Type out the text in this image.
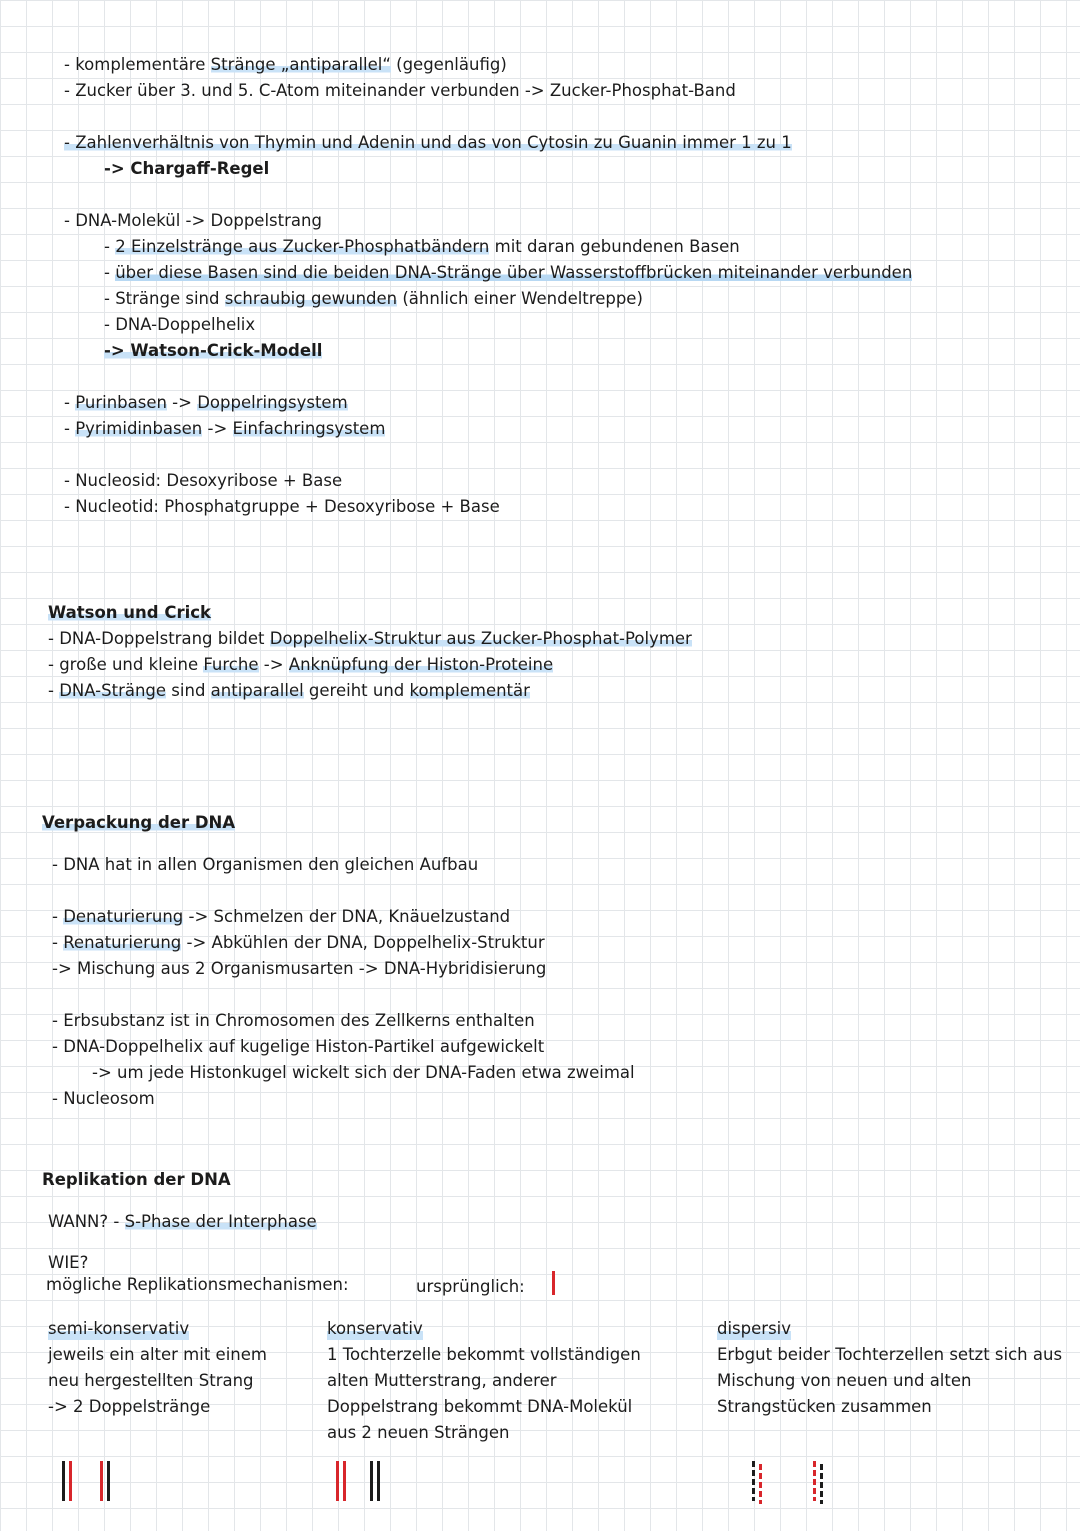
- komplementäre Stränge „antiparallel“ (gegenläufig)
- Zucker über 3. und 5. C-Atom miteinander verbunden -> Zucker-Phosphat-Band
- Zahlenverhältnis von Thymin und Adenin und das von Cytosin zu Guanin immer 1 zu 1
-> Chargaff-Regel
- DNA-Molekül -> Doppelstrang
- 2 Einzelstränge aus Zucker-Phosphatbändern mit daran gebundenen Basen
- über diese Basen sind die beiden DNA-Stränge über Wasserstoffbrücken miteinander verbunden
- Stränge sind schraubig gewunden (ähnlich einer Wendeltreppe)
- DNA-Doppelhelix
-> Watson-Crick-Modell
- Purinbasen -> Doppelringsystem
- Pyrimidinbasen -> Einfachringsystem
- Nucleosid: Desoxyribose + Base
- Nucleotid: Phosphatgruppe + Desoxyribose + Base
Watson und Crick
- DNA-Doppelstrang bildet Doppelhelix-Struktur aus Zucker-Phosphat-Polymer
- große und kleine Furche -> Anknüpfung der Histon-Proteine
- DNA-Stränge sind antiparallel gereiht und komplementär
Verpackung der DNA
- DNA hat in allen Organismen den gleichen Aufbau
- Denaturierung -> Schmelzen der DNA, Knäuelzustand
- Renaturierung -> Abkühlen der DNA, Doppelhelix-Struktur
-> Mischung aus 2 Organismusarten -> DNA-Hybridisierung
- Erbsubstanz ist in Chromosomen des Zellkerns enthalten
- DNA-Doppelhelix auf kugelige Histon-Partikel aufgewickelt
-> um jede Histonkugel wickelt sich der DNA-Faden etwa zweimal
- Nucleosom
Replikation der DNA
WANN? - S-Phase der Interphase
WIE?
mögliche Replikationsmechanismen:	ursprünglich:
semi-konservativ
jeweils ein alter mit einem
neu hergestellten Strang
-> 2 Doppelstränge
konservativ
1 Tochterzelle bekommt vollständigen
alten Mutterstrang, anderer
Doppelstrang bekommt DNA-Molekül
aus 2 neuen Strängen
dispersiv
Erbgut beider Tochterzellen setzt sich aus
Mischung von neuen und alten
Strangstücken zusammen
